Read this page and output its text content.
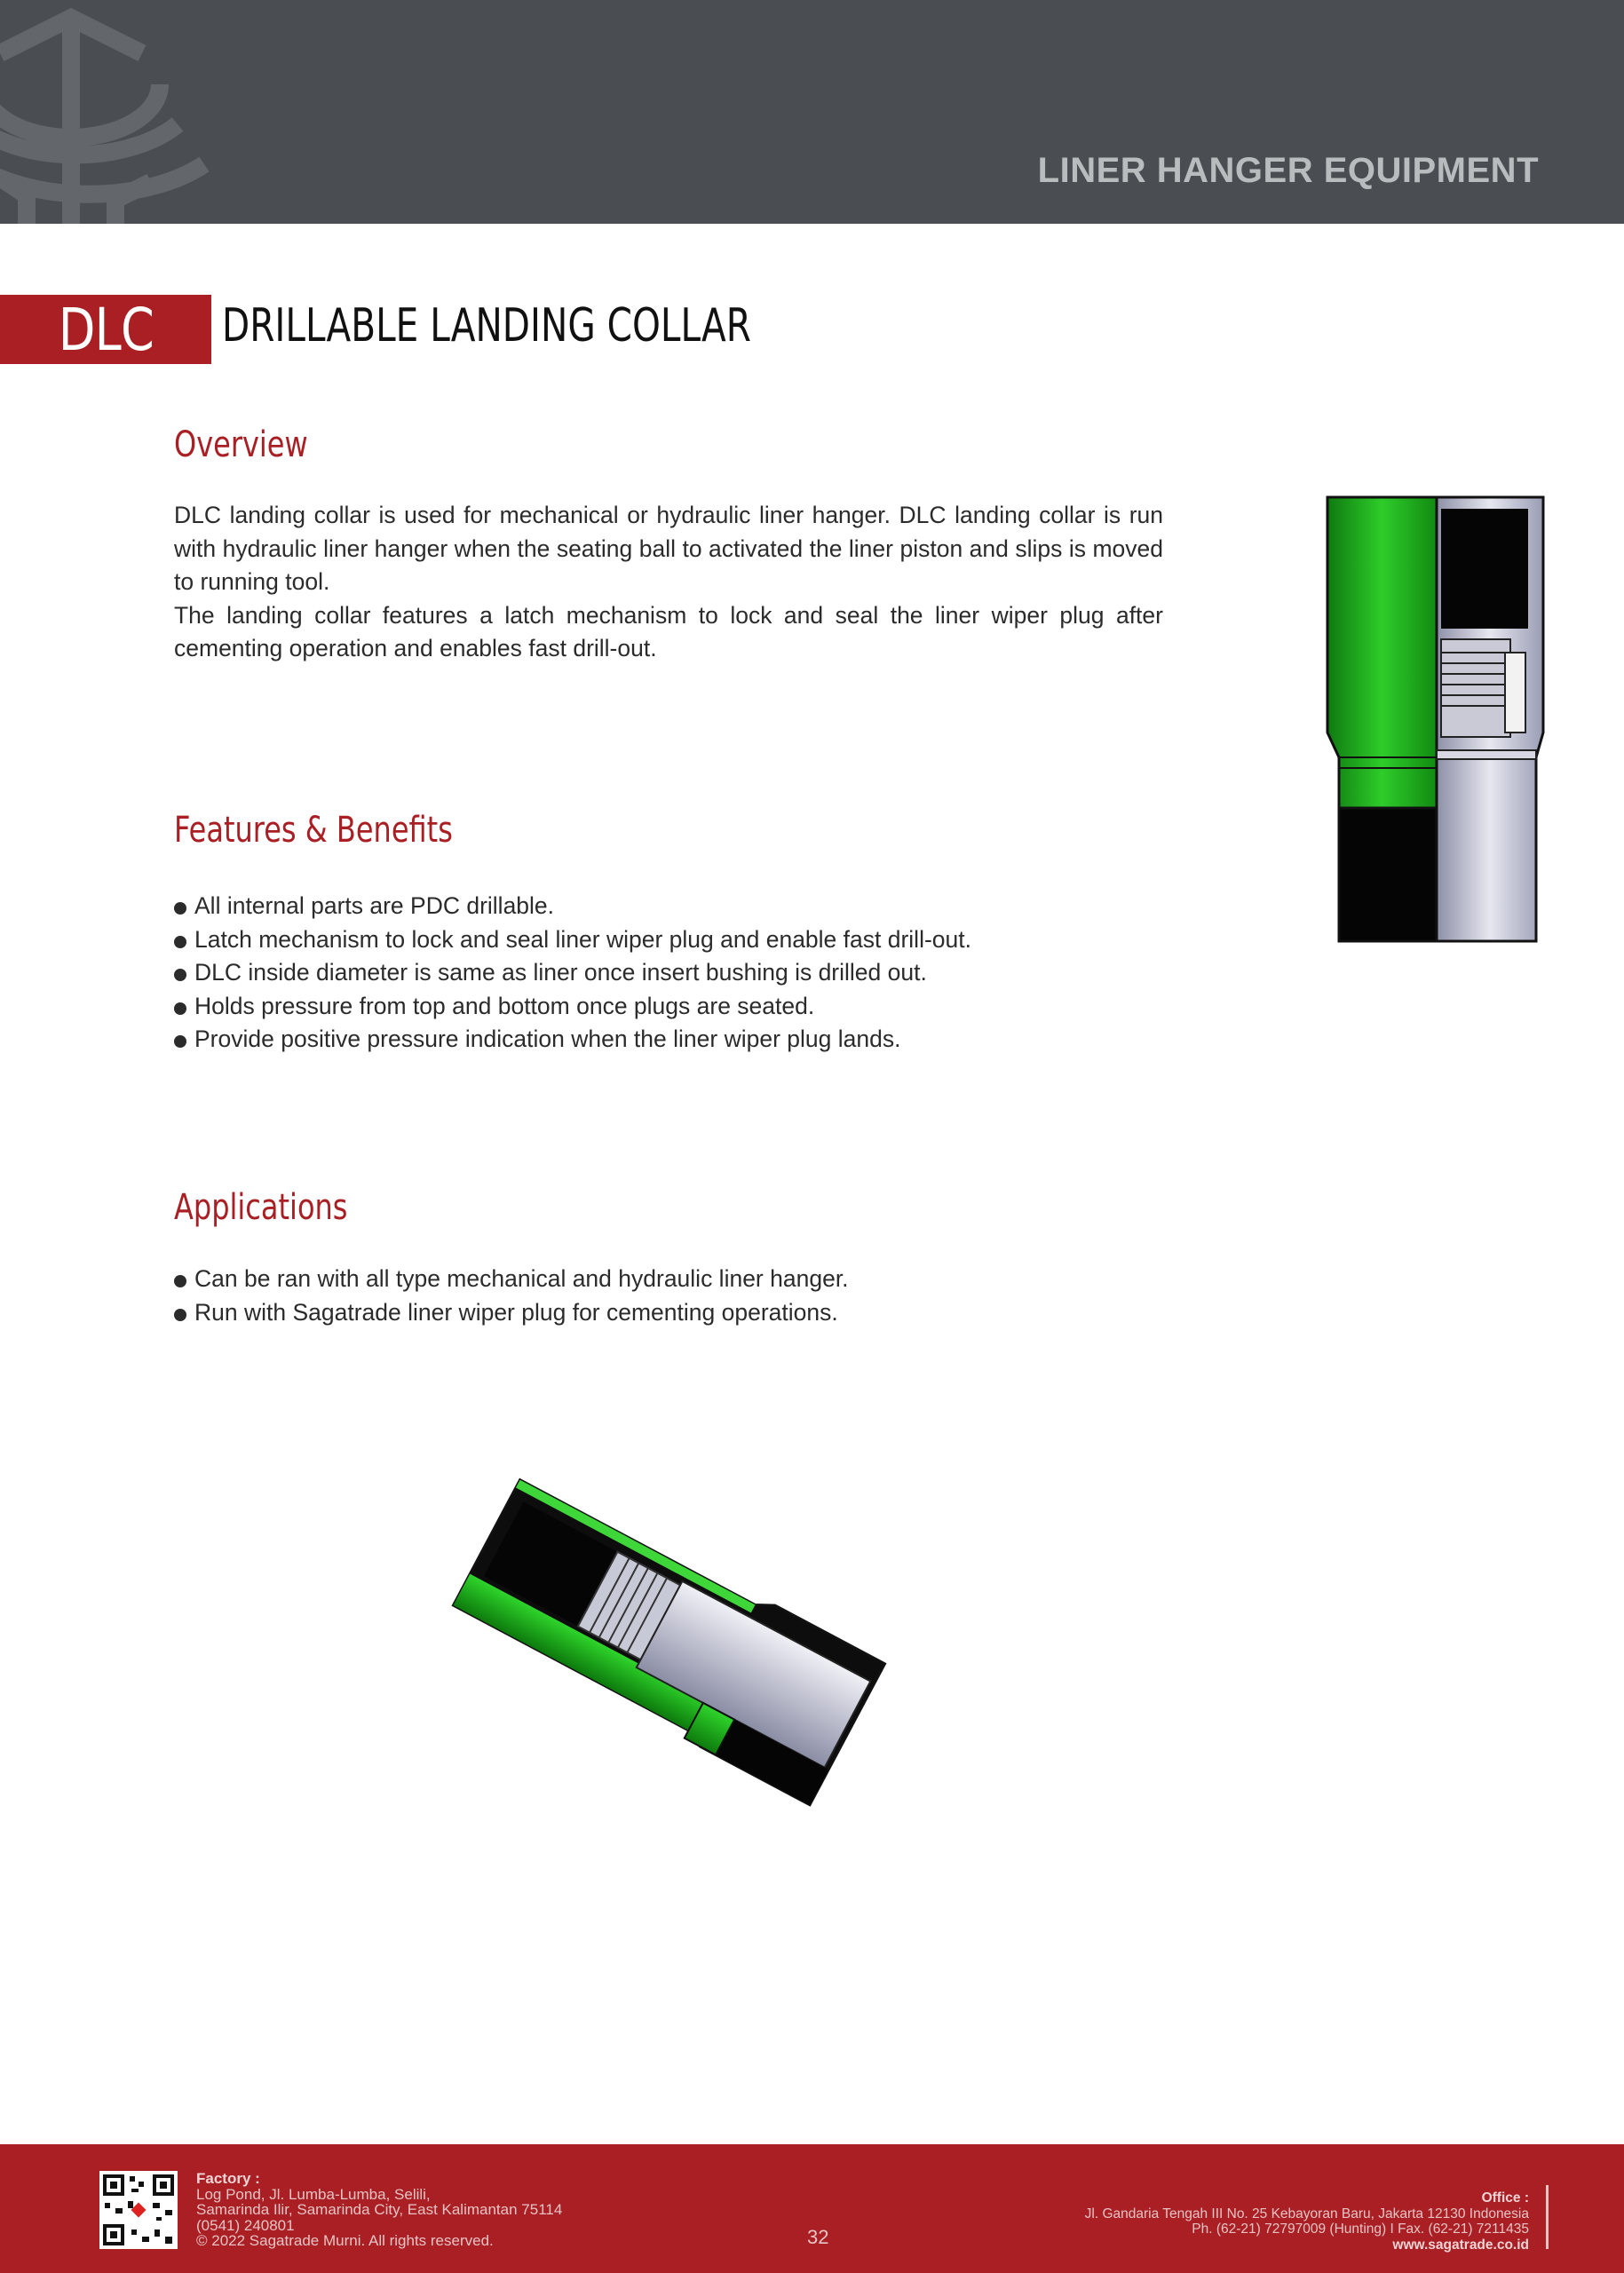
LINER HANGER EQUIPMENT
DLC DRILLABLE LANDING COLLAR
Overview

DLC landing collar is used for mechanical or hydraulic liner hanger. DLC landing collar is run with hydraulic liner hanger when the seating ball to activated the liner piston and slips is moved to running tool.

The landing collar features a latch mechanism to lock and seal the liner wiper plug after cementing operation and enables fast drill-out.

Features & Benefits
All internal parts are PDC drillable.
Latch mechanism to lock and seal liner wiper plug and enable fast drill-out.
DLC inside diameter is same as liner once insert bushing is drilled out.
Holds pressure from top and bottom once plugs are seated.
Provide positive pressure indication when the liner wiper plug lands.
Applications
Can be ran with all type mechanical and hydraulic liner hanger.
Run with Sagatrade liner wiper plug for cementing operations.
Factory :
Log Pond, Jl. Lumba-Lumba, Selili,
Samarinda Ilir, Samarinda City, East Kalimantan 75114
(0541) 240801
© 2022 Sagatrade Murni. All rights reserved.	32
Office :
Jl. Gandaria Tengah III No. 25 Kebayoran Baru, Jakarta 12130 Indonesia
Ph. (62-21) 72797009 (Hunting) I Fax. (62-21) 7211435
www.sagatrade.co.id
